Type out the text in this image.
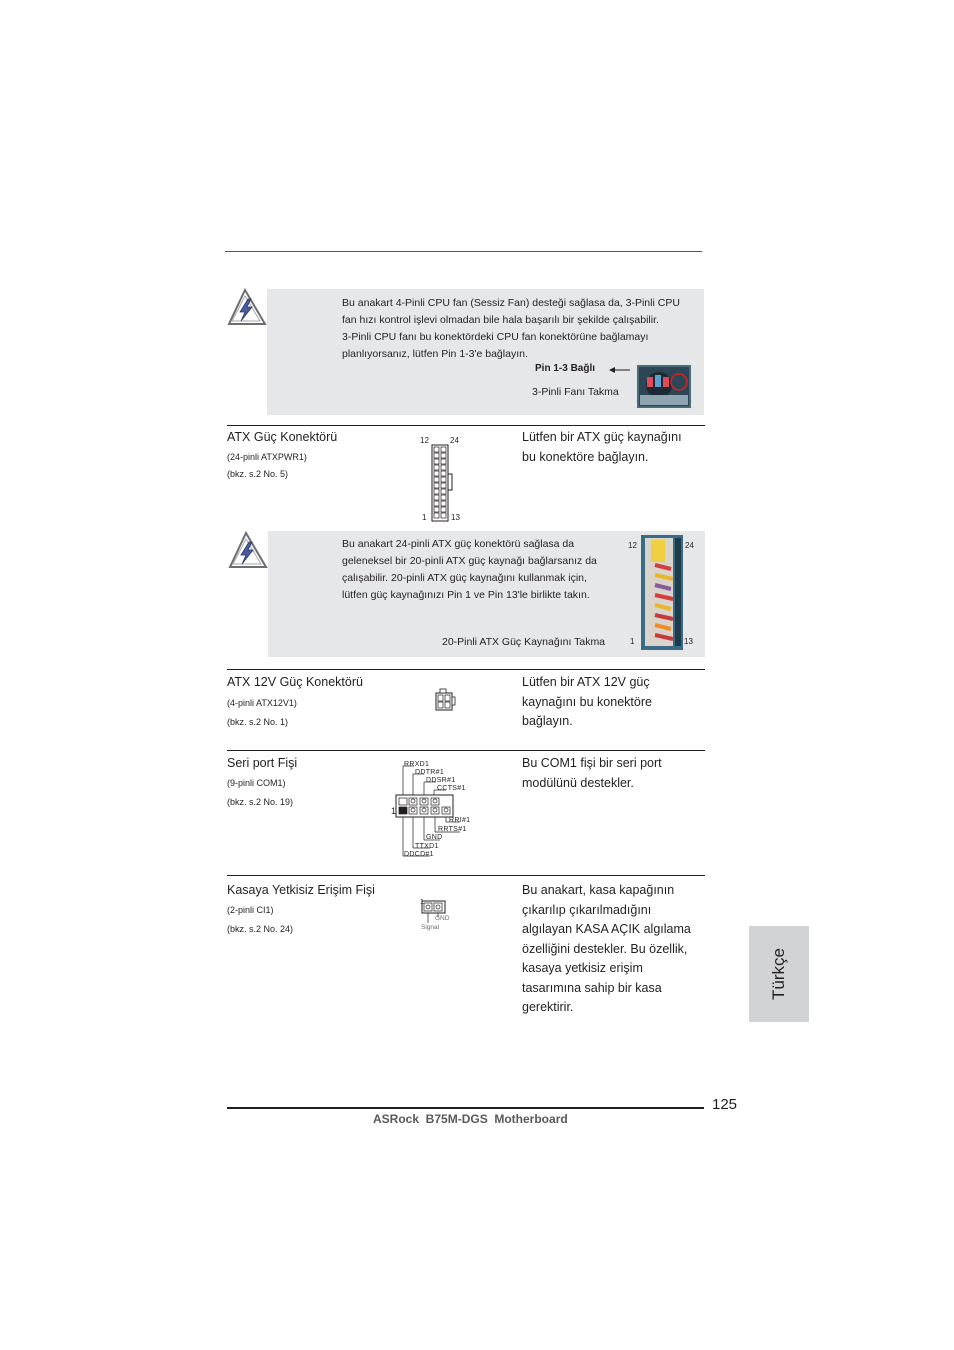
Bu anakart 4-Pinli CPU fan (Sessiz Fan) desteği sağlasa da, 3-Pinli CPU
fan hızı kontrol işlevi olmadan bile hala başarılı bir şekilde çalışabilir.
3-Pinli CPU fanı bu konektördeki CPU fan konektörüne bağlamayı
planlıyorsanız, lütfen Pin 1-3'e bağlayın.
Pin 1-3 Bağlı
3-Pinli Fanı Takma
ATX Güç Konektörü
(24-pinli ATXPWR1)
(bkz. s.2 No. 5)
12	24
1	13
Lütfen bir ATX güç kaynağını
bu konektöre bağlayın.
Bu anakart 24-pinli ATX güç konektörü sağlasa da
geleneksel bir 20-pinli ATX güç kaynağı bağlarsanız da
çalışabilir. 20-pinli ATX güç kaynağını kullanmak için,
lütfen güç kaynağınızı Pin 1 ve Pin 13'le birlikte takın.
20-Pinli ATX Güç Kaynağını Takma
12	24
1	13
ATX 12V Güç Konektörü
(4-pinli ATX12V1)
(bkz. s.2 No. 1)
Lütfen bir ATX 12V güç
kaynağını bu konektöre
bağlayın.
Seri port Fişi
(9-pinli COM1)
(bkz. s.2 No. 19)
RRXD1
DDTR#1
DDSR#1
CCTS#1
1
RRI#1
RRTS#1
GND
TTXD1
DDCD#1
Bu COM1 fişi bir seri port
modülünü destekler.
Kasaya Yetkisiz Erişim Fişi
(2-pinli CI1)
(bkz. s.2 No. 24)
1
GND
Signal
Bu anakart, kasa kapağının
çıkarılıp çıkarılmadığını
algılayan KASA AÇIK algılama
özelliğini destekler. Bu özellik,
kasaya yetkisiz erişim
tasarımına sahip bir kasa
gerektirir.
Türkçe
125
ASRock  B75M-DGS  Motherboard
